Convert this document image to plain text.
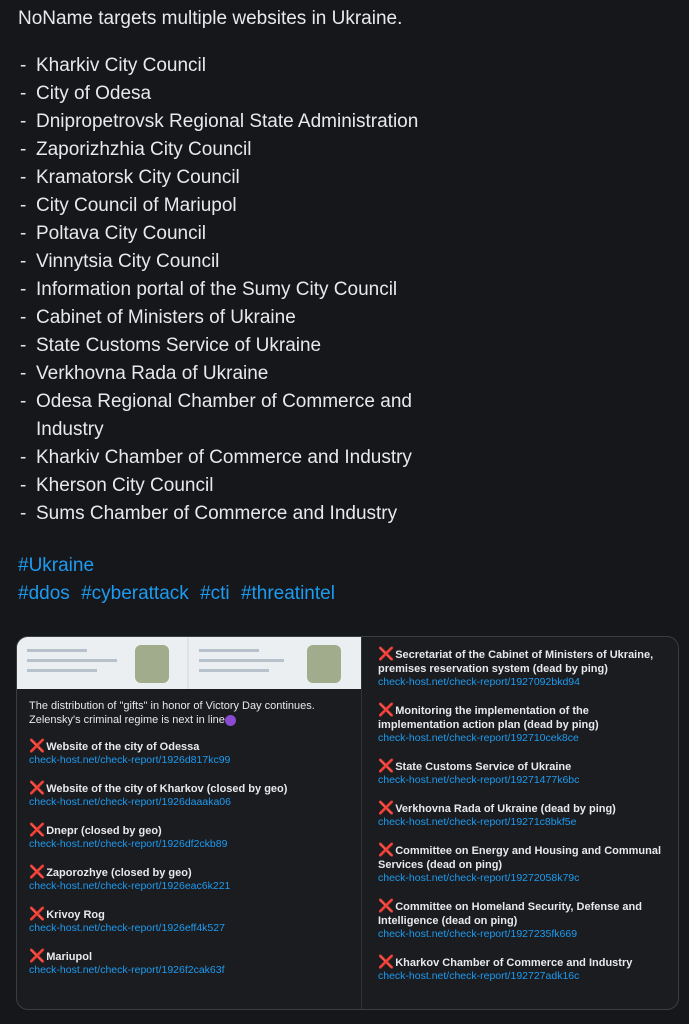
NoName targets multiple websites in Ukraine.

- Kharkiv City Council
- City of Odesa
- Dnipropetrovsk Regional State Administration
- Zaporizhzhia City Council
- Kramatorsk City Council
- City Council of Mariupol
- Poltava City Council
- Vinnytsia City Council
- Information portal of the Sumy City Council
- Cabinet of Ministers of Ukraine
- State Customs Service of Ukraine
- Verkhovna Rada of Ukraine
- Odesa Regional Chamber of Commerce and Industry
- Kharkiv Chamber of Commerce and Industry
- Kherson City Council
- Sums Chamber of Commerce and Industry
#Ukraine
#ddos #cyberattack #cti #threatintel
The distribution of "gifts" in honor of Victory Day continues. Zelensky's criminal regime is next in line
❌Website of the city of Odessa
check-host.net/check-report/1926d817kc99
❌Website of the city of Kharkov (closed by geo)
check-host.net/check-report/1926daaaka06
❌Dnepr (closed by geo)
check-host.net/check-report/1926df2ckb89
❌Zaporozhye (closed by geo)
check-host.net/check-report/1926eac6k221
❌Krivoy Rog
check-host.net/check-report/1926eff4k527
❌Mariupol
check-host.net/check-report/1926f2cak63f
❌Secretariat of the Cabinet of Ministers of Ukraine, premises reservation system (dead by ping)
check-host.net/check-report/1927092bkd94
❌Monitoring the implementation of the implementation action plan (dead by ping)
check-host.net/check-report/192710cek8ce
❌State Customs Service of Ukraine
check-host.net/check-report/19271477k6bc
❌Verkhovna Rada of Ukraine (dead by ping)
check-host.net/check-report/19271c8bkf5e
❌Committee on Energy and Housing and Communal Services (dead on ping)
check-host.net/check-report/19272058k79c
❌Committee on Homeland Security, Defense and Intelligence (dead on ping)
check-host.net/check-report/1927235fk669
❌Kharkov Chamber of Commerce and Industry
check-host.net/check-report/192727adk16c
